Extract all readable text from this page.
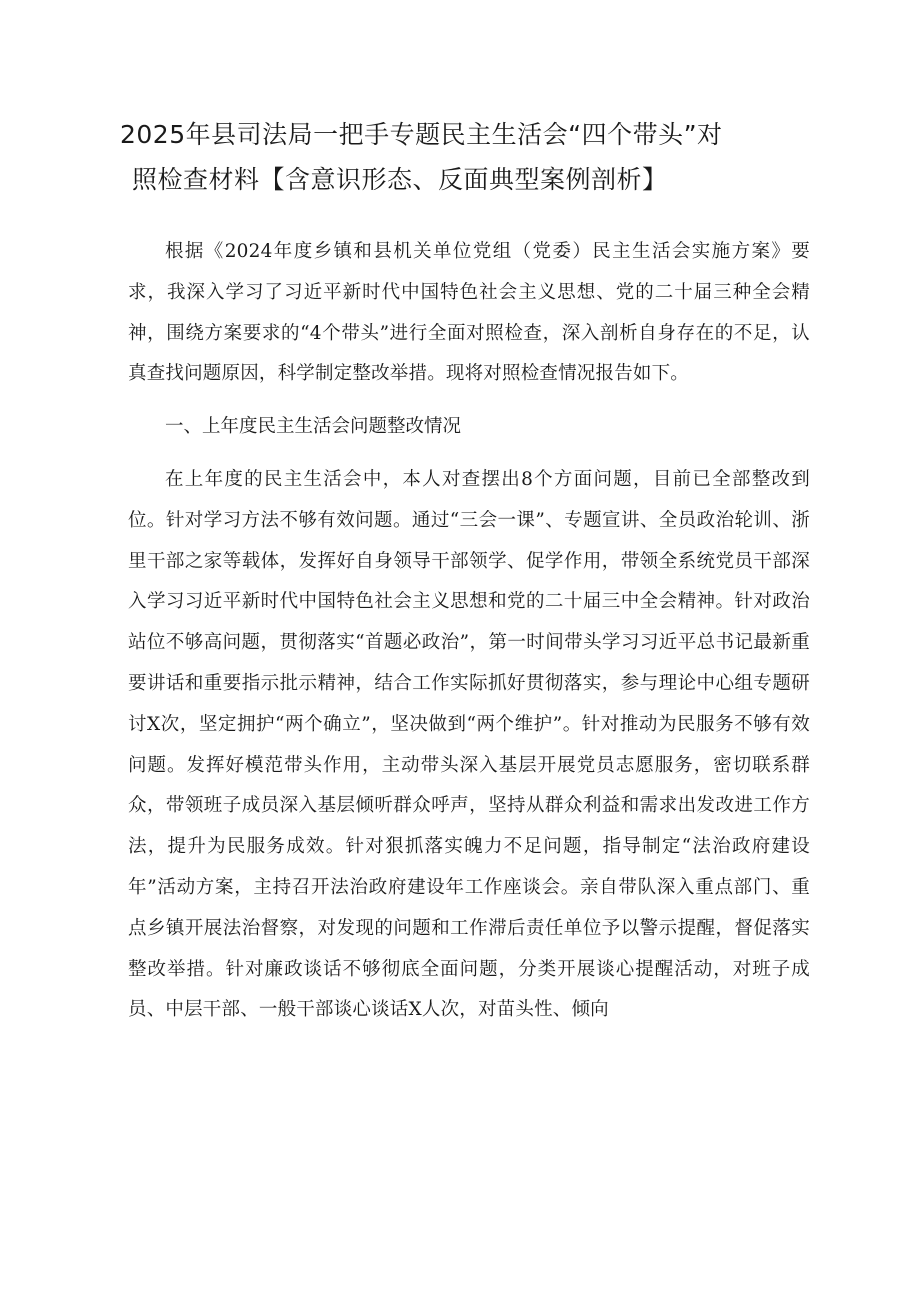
2025年县司法局一把手专题民主生活会“四个带头”对
照检查材料【含意识形态、反面典型案例剖析】

根据《2024年度乡镇和县机关单位党组（党委）民主生活会实施方案》要求，我深入学习了习近平新时代中国特色社会主义思想、党的二十届三种全会精神，围绕方案要求的“4个带头”进行全面对照检查，深入剖析自身存在的不足，认真查找问题原因，科学制定整改举措。现将对照检查情况报告如下。

一、上年度民主生活会问题整改情况

在上年度的民主生活会中，本人对查摆出8个方面问题，目前已全部整改到位。针对学习方法不够有效问题。通过“三会一课”、专题宣讲、全员政治轮训、浙里干部之家等载体，发挥好自身领导干部领学、促学作用，带领全系统党员干部深入学习习近平新时代中国特色社会主义思想和党的二十届三中全会精神。针对政治站位不够高问题，贯彻落实“首题必政治”，第一时间带头学习习近平总书记最新重要讲话和重要指示批示精神，结合工作实际抓好贯彻落实，参与理论中心组专题研讨X次，坚定拥护“两个确立”，坚决做到“两个维护”。针对推动为民服务不够有效问题。发挥好模范带头作用，主动带头深入基层开展党员志愿服务，密切联系群众，带领班子成员深入基层倾听群众呼声，坚持从群众利益和需求出发改进工作方法，提升为民服务成效。针对狠抓落实魄力不足问题，指导制定“法治政府建设年”活动方案，主持召开法治政府建设年工作座谈会。亲自带队深入重点部门、重点乡镇开展法治督察，对发现的问题和工作滞后责任单位予以警示提醒，督促落实整改举措。针对廉政谈话不够彻底全面问题，分类开展谈心提醒活动，对班子成员、中层干部、一般干部谈心谈话X人次，对苗头性、倾向
